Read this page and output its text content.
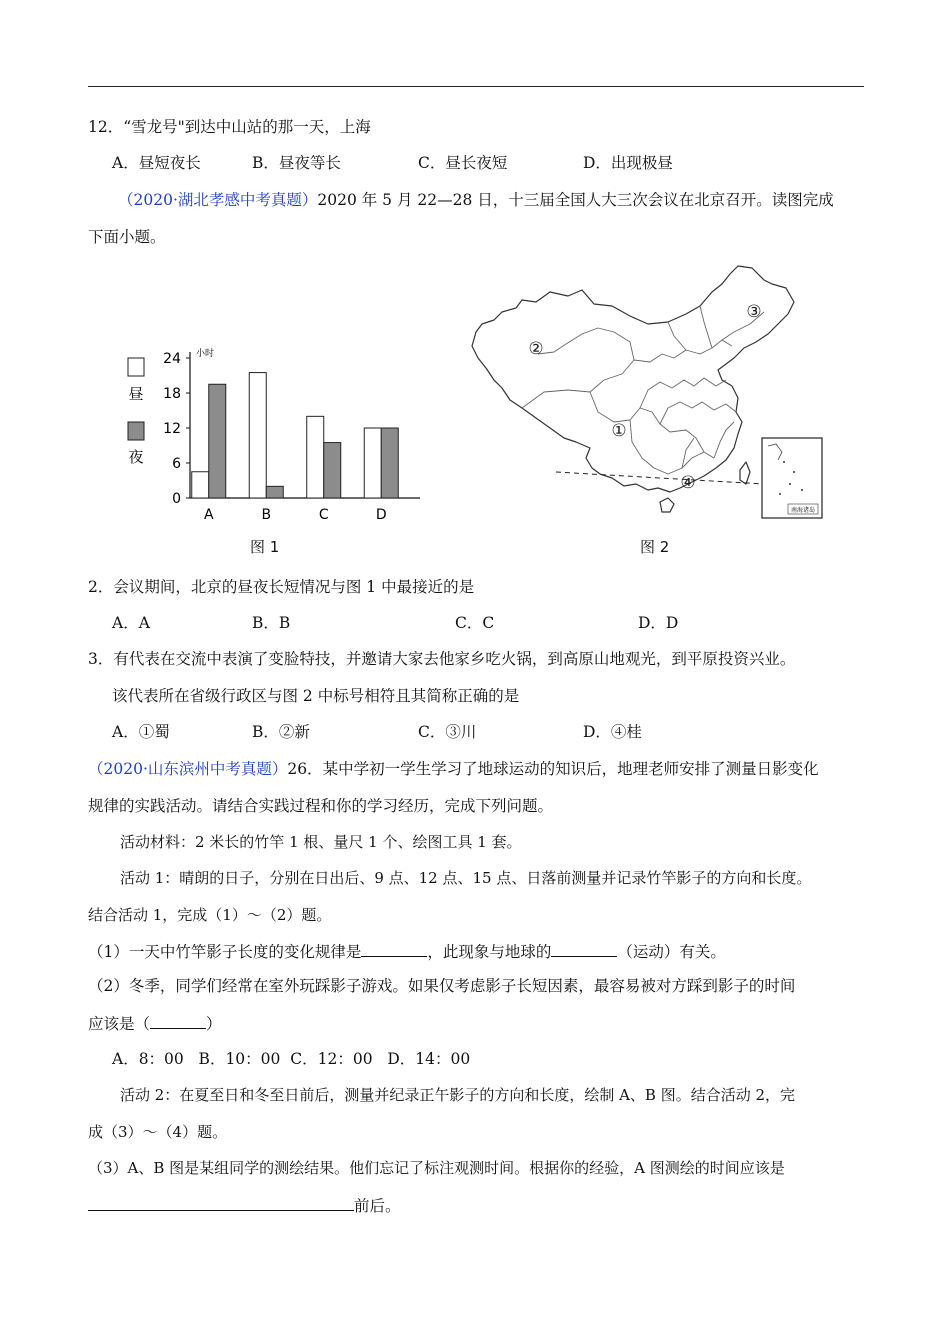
12．“雪龙号"到达中山站的那一天，上海
A．昼短夜长	B．昼夜等长	C．昼长夜短	D．出现极昼
（2020·湖北孝感中考真题）2020 年 5 月 22—28 日，十三届全国人大三次会议在北京召开。读图完成
下面小题。
昼
夜
0
6
12
18
24 小时
A	B	C	D
图 1
南海诸岛
①
②
③
④
图 2
2．会议期间，北京的昼夜长短情况与图 1 中最接近的是
A．A	B．B	C．C	D．D
3．有代表在交流中表演了变脸特技，并邀请大家去他家乡吃火锅，到高原山地观光，到平原投资兴业。
该代表所在省级行政区与图 2 中标号相符且其简称正确的是
A．①蜀	B．②新	C．③川	D．④桂
（2020·山东滨州中考真题）26．某中学初一学生学习了地球运动的知识后，地理老师安排了测量日影变化
规律的实践活动。请结合实践过程和你的学习经历，完成下列问题。
活动材料：2 米长的竹竿 1 根、量尺 1 个、绘图工具 1 套。
活动 1：晴朗的日子，分别在日出后、9 点、12 点、15 点、日落前测量并记录竹竿影子的方向和长度。
结合活动 1，完成（1）～（2）题。
（1）一天中竹竿影子长度的变化规律是	，此现象与地球的	（运动）有关。
（2）冬季，同学们经常在室外玩踩影子游戏。如果仅考虑影子长短因素，最容易被对方踩到影子的时间
应该是（	）
A．8：00   B．10：00  C．12：00   D．14：00
活动 2：在夏至日和冬至日前后，测量并纪录正午影子的方向和长度，绘制 A、B 图。结合活动 2，完
成（3）～（4）题。
（3）A、B 图是某组同学的测绘结果。他们忘记了标注观测时间。根据你的经验，A 图测绘的时间应该是
前后。
